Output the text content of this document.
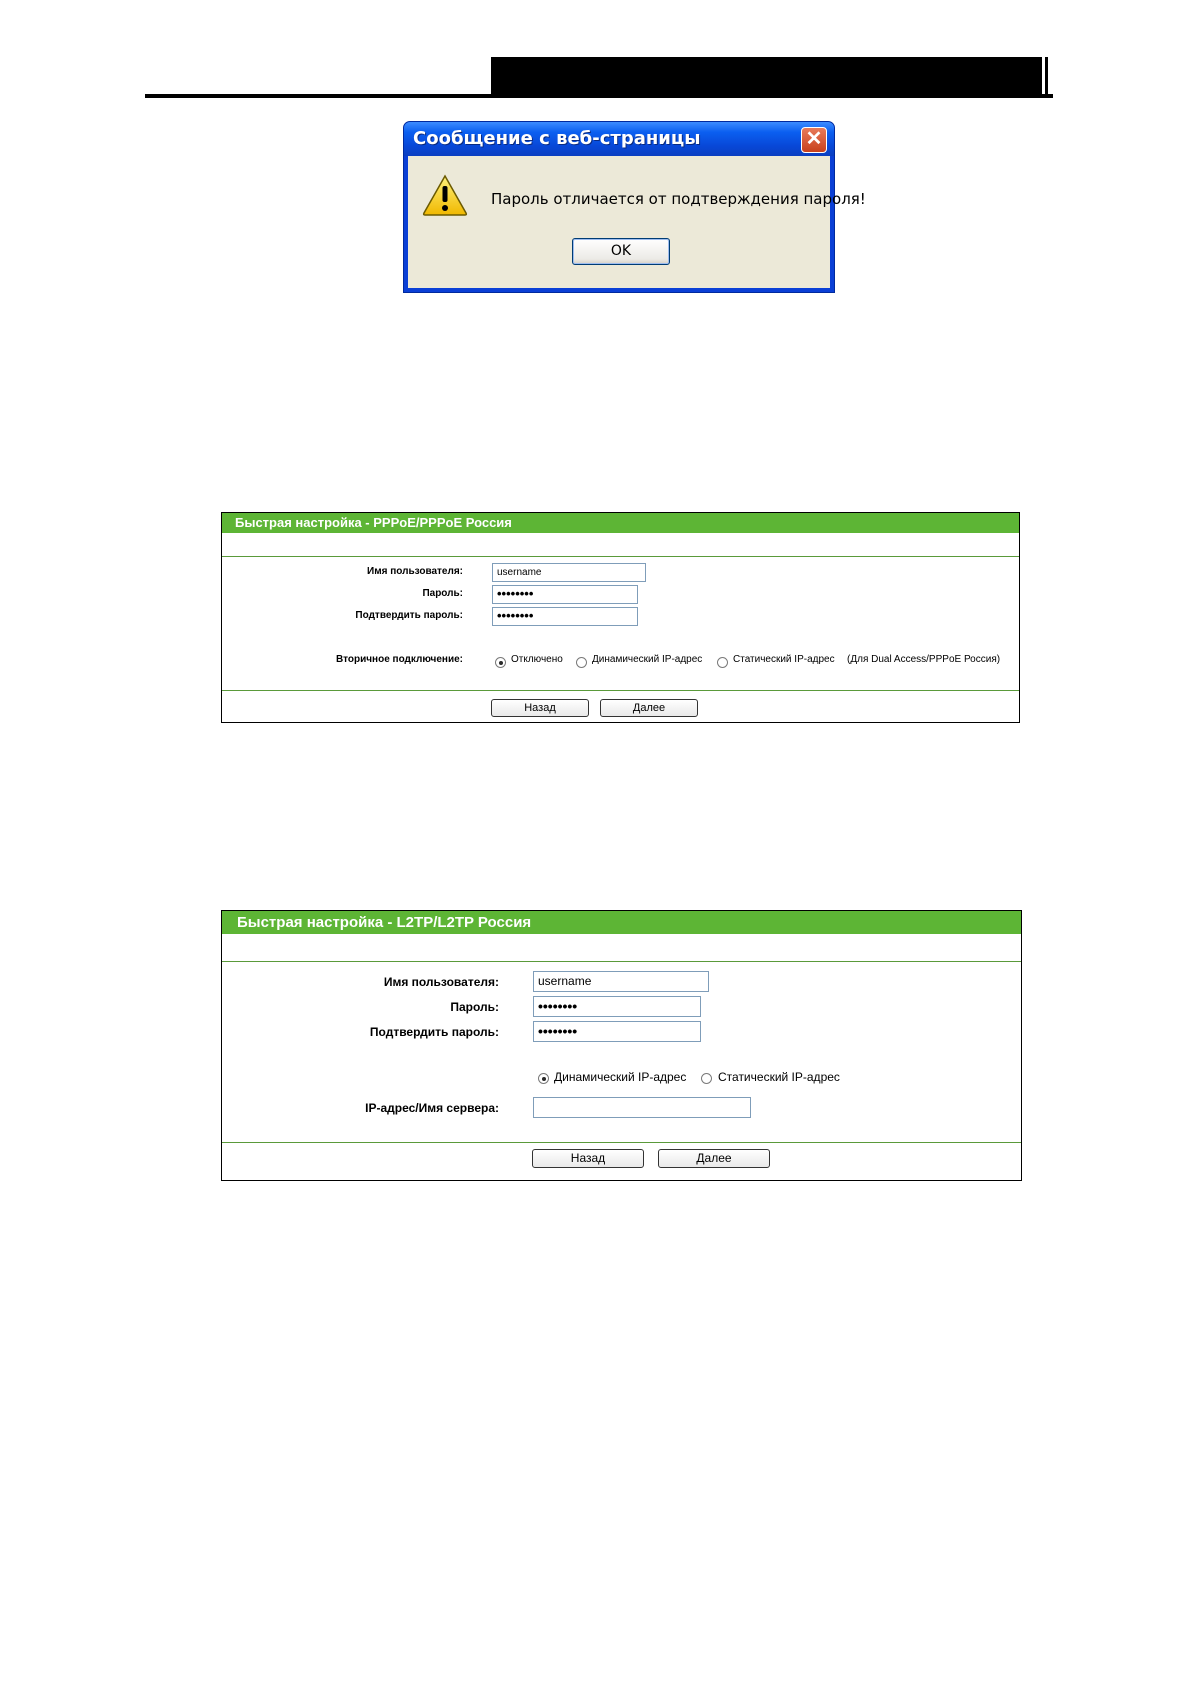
Сообщение с веб-страницы	✕
Пароль отличается от подтверждения пароля!
OK
Быстрая настройка - PPPoE/PPPoE Россия
Имя пользователя:	username
Пароль:	••••••••
Подтвердить пароль:	••••••••
Вторичное подключение:	Отключено	Динамический IP-адрес	Статический IP-адрес (Для Dual Access/PPPoE Россия)
Назад	Далее
Быстрая настройка - L2TP/L2TP Россия
Имя пользователя:	username
Пароль:	••••••••
Подтвердить пароль:	••••••••
Динамический IP-адрес	Статический IP-адрес
IP-адрес/Имя сервера:
Назад	Далее
